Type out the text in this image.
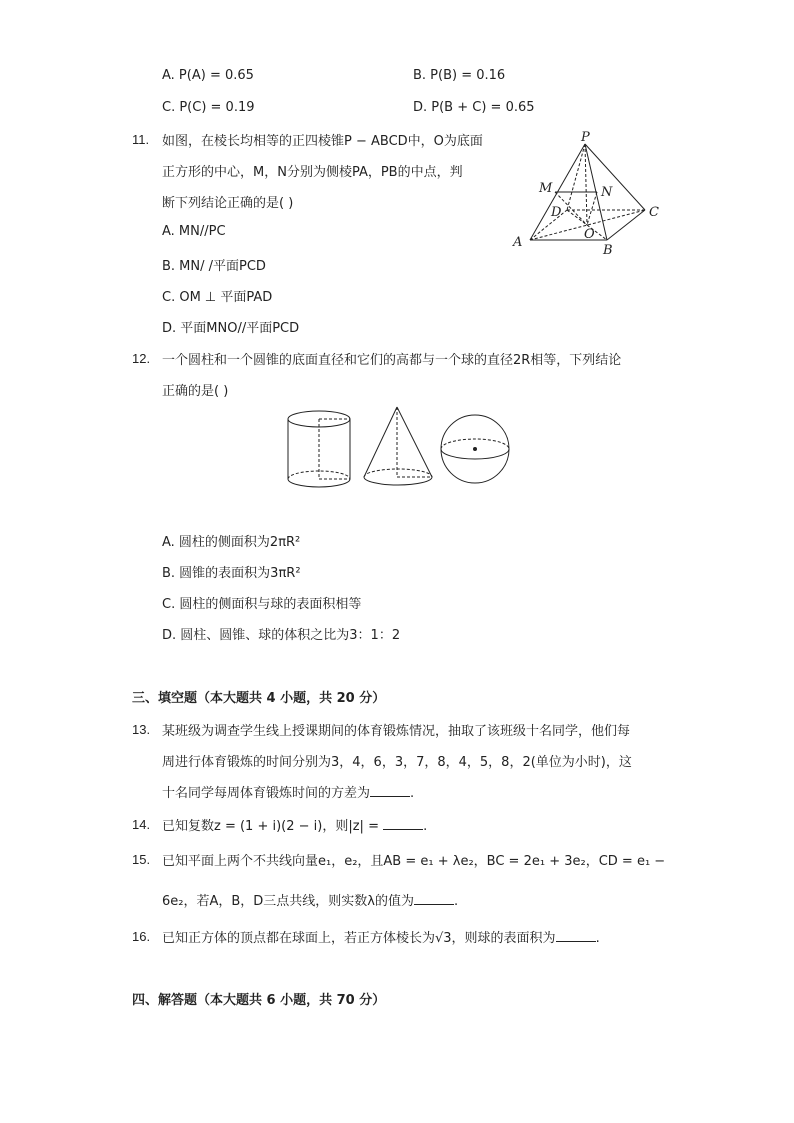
A. P(A) = 0.65	B. P(B) = 0.16
C. P(C) = 0.19	D. P(B + C) = 0.65
11. 如图，在棱长均相等的正四棱锥P − ABCD中，O为底面
正方形的中心，M，N分别为侧棱PA，PB的中点，判
断下列结论正确的是( )
A. MN//PC
B. MN/ /平面PCD
C. OM ⊥ 平面PAD
D. 平面MNO//平面PCD
P
M	N
D	C
O
A
B
12. 一个圆柱和一个圆锥的底面直径和它们的高都与一个球的直径2R相等，下列结论
正确的是( )
A. 圆柱的侧面积为2πR²
B. 圆锥的表面积为3πR²
C. 圆柱的侧面积与球的表面积相等
D. 圆柱、圆锥、球的体积之比为3：1：2
三、填空题（本大题共 4 小题，共 20 分）
13. 某班级为调查学生线上授课期间的体育锻炼情况，抽取了该班级十名同学，他们每
周进行体育锻炼的时间分别为3，4，6，3，7，8，4，5，8，2(单位为小时)，这
十名同学每周体育锻炼时间的方差为	.
14. 已知复数z = (1 + i)(2 − i)，则|z| =	.
15. 已知平面上两个不共线向量e₁，e₂，且AB = e₁ + λe₂，BC = 2e₁ + 3e₂，CD = e₁ −
6e₂，若A，B，D三点共线，则实数λ的值为	.
16. 已知正方体的顶点都在球面上，若正方体棱长为√3，则球的表面积为	.
四、解答题（本大题共 6 小题，共 70 分）
